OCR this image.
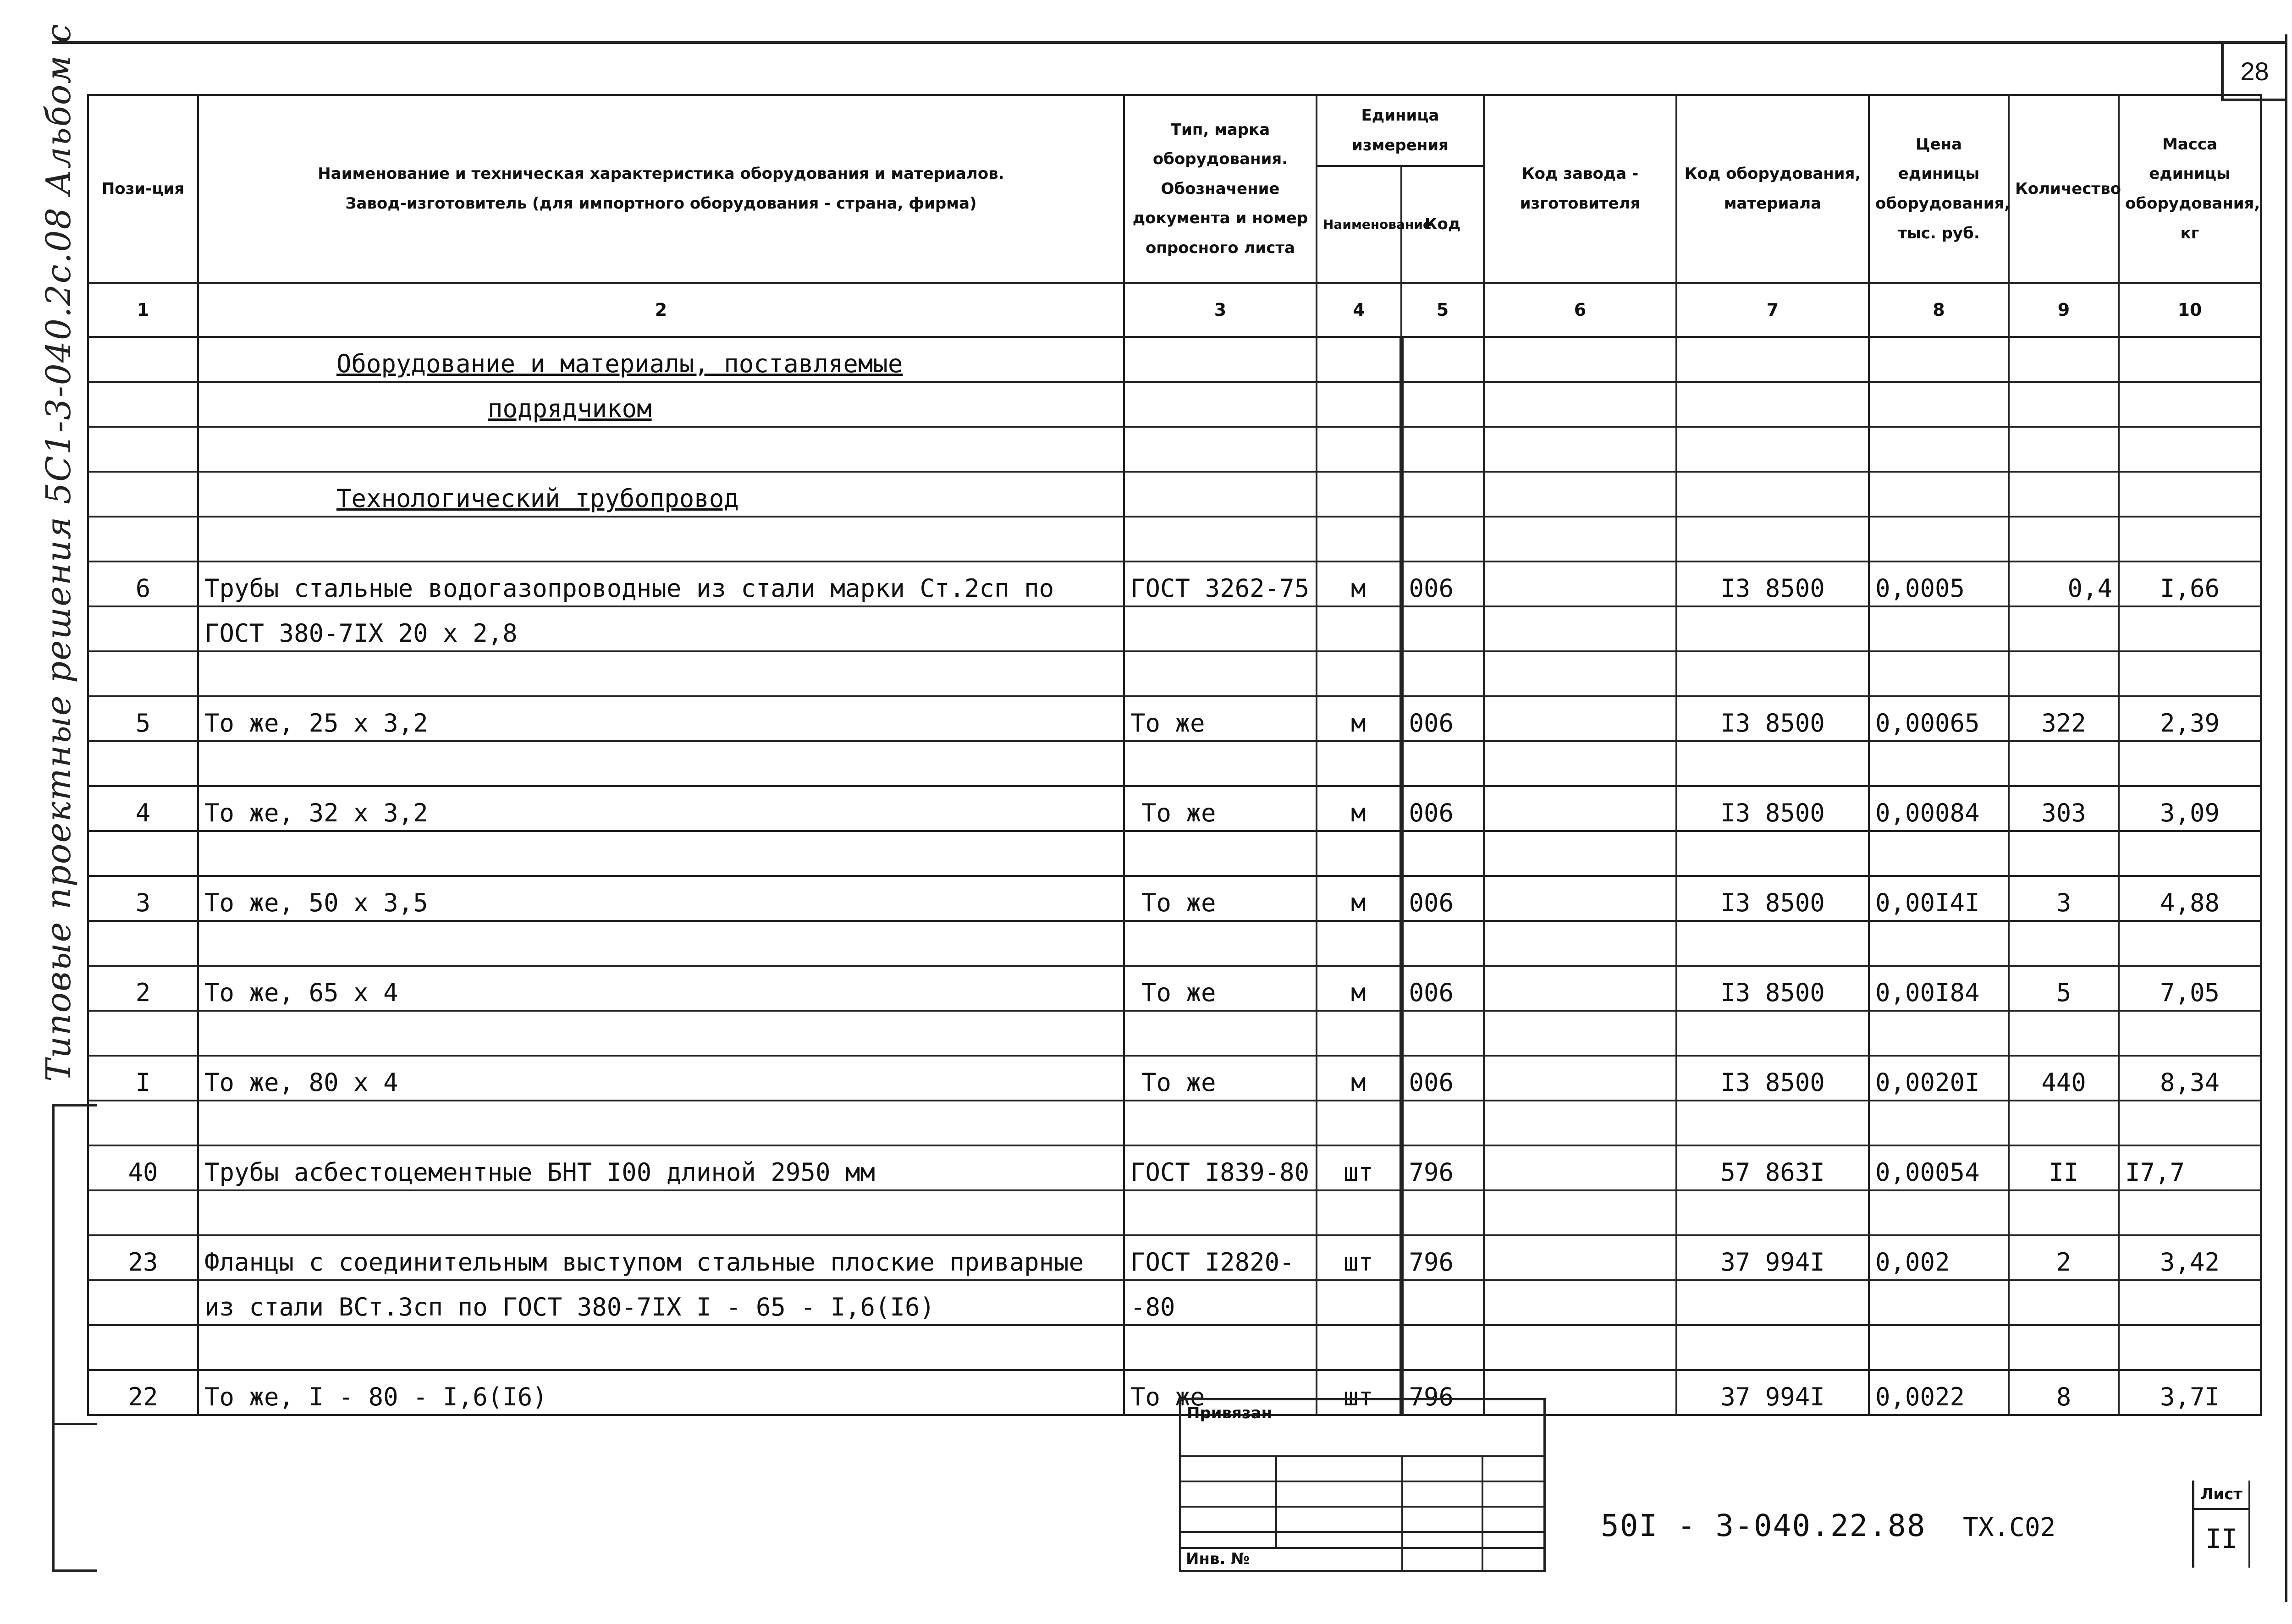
28
Типовые проектные решения 5С1-3-040.2с.08 Альбом с Пози-ция	Наименование и техническая характеристика оборудования и материалов.
Завод-изготовитель (для импортного оборудования - страна, фирма)	Тип, марка оборудования. Обозначение документа и номер опросного листа	Единица измерения		Код завода - изготовителя	Код оборудования, материала	Цена единицы оборудования, тыс. руб.	Количество	Масса единицы оборудования, кг
			Наименование	Код					
1	2	3	4	5	6	7	8	9	10
	Оборудование и материалы, поставляемые								
	подрядчиком								

	Технологический трубопровод								

6	Трубы стальные водогазопроводные из стали марки Ст.2сп по	ГОСТ 3262-75	м	006		I3 8500	0,0005	0,4	I,66
	ГОСТ 380-7IХ 20 х 2,8								

5	То же, 25 х 3,2	То же	м	006		I3 8500	0,00065	322	2,39

4	То же, 32 х 3,2	То же	м	006		I3 8500	0,00084	303	3,09

3	То же, 50 х 3,5	То же	м	006		I3 8500	0,00I4I	3	4,88

2	То же, 65 х 4	То же	м	006		I3 8500	0,00I84	5	7,05

I	То же, 80 х 4	То же	м	006		I3 8500	0,0020I	440	8,34

40	Трубы асбестоцементные БНТ I00 длиной 2950 мм	ГОСТ I839-80	шт	796		57 863I	0,00054	II	I7,7

23	Фланцы с соединительным выступом стальные плоские приварные	ГОСТ I2820-	шт	796		37 994I	0,002	2	3,42
	из стали ВСт.3сп по ГОСТ 380-7IХ I - 65 - I,6(I6)	-80							

22	То же, I - 80 - I,6(I6)	То же	шт	796		37 994I	0,0022	8	3,7I
Привязан
Инв. №
50I - 3-040.22.88 ТХ.С02
Лист
II
